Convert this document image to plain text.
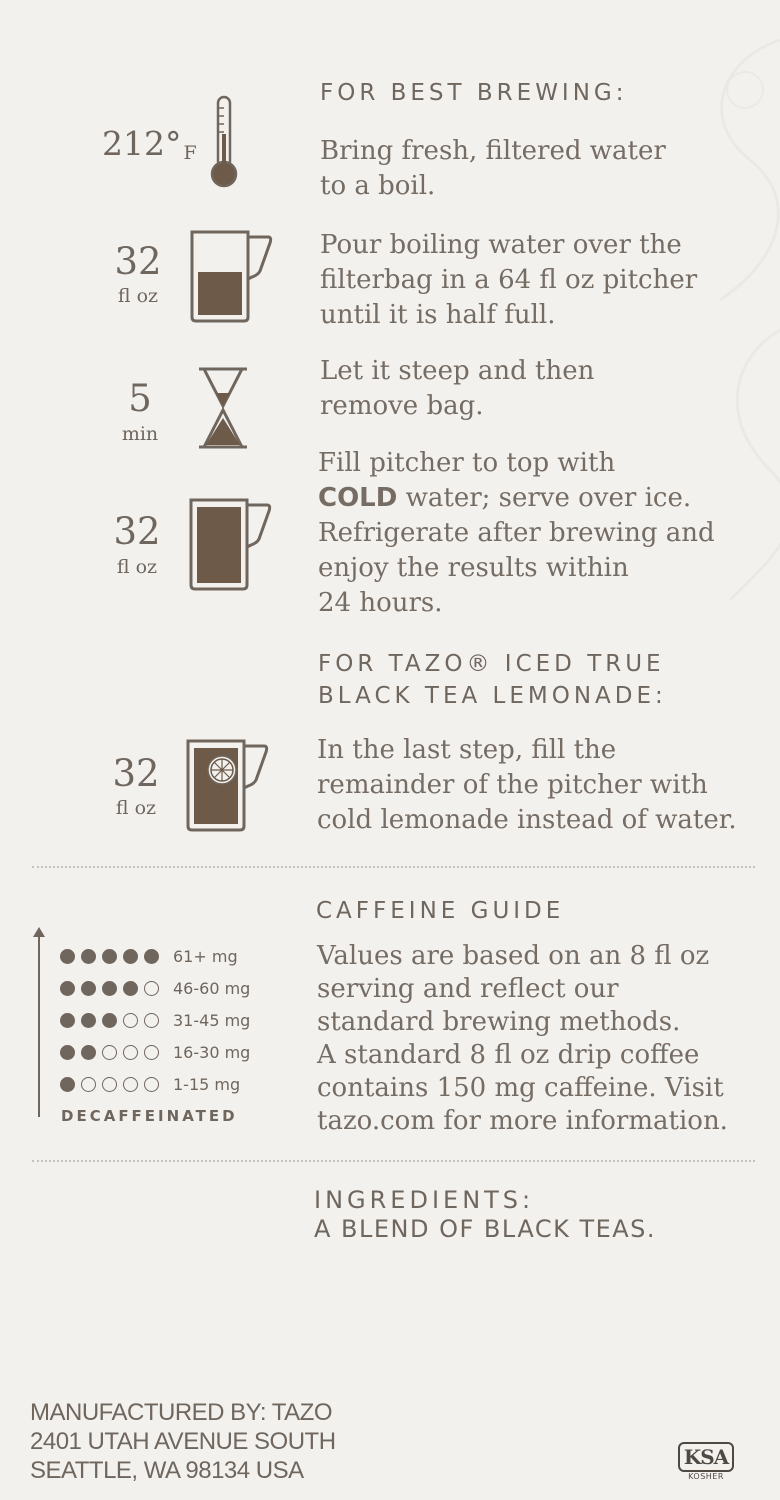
FOR BEST BREWING:
212° F	Bring fresh, filtered water
to a boil.
32
fl oz
Pour boiling water over the
filterbag in a 64 fl oz pitcher
until it is half full.
5
min
Let it steep and then
remove bag.
32
fl oz
Fill pitcher to top with
COLD water; serve over ice.
Refrigerate after brewing and
enjoy the results within
24 hours.
FOR TAZO® ICED TRUE
BLACK TEA LEMONADE:
32
fl oz
In the last step, fill the
remainder of the pitcher with
cold lemonade instead of water.
CAFFEINE GUIDE
61+ mg
46-60 mg
31-45 mg
16-30 mg
1-15 mg
DECAFFEINATED
Values are based on an 8 fl oz
serving and reflect our
standard brewing methods.
A standard 8 fl oz drip coffee
contains 150 mg caffeine. Visit
tazo.com for more information.
INGREDIENTS:
A BLEND OF BLACK TEAS.
MANUFACTURED BY: TAZO
2401 UTAH AVENUE SOUTH
SEATTLE, WA 98134 USA	KSA
KOSHER
